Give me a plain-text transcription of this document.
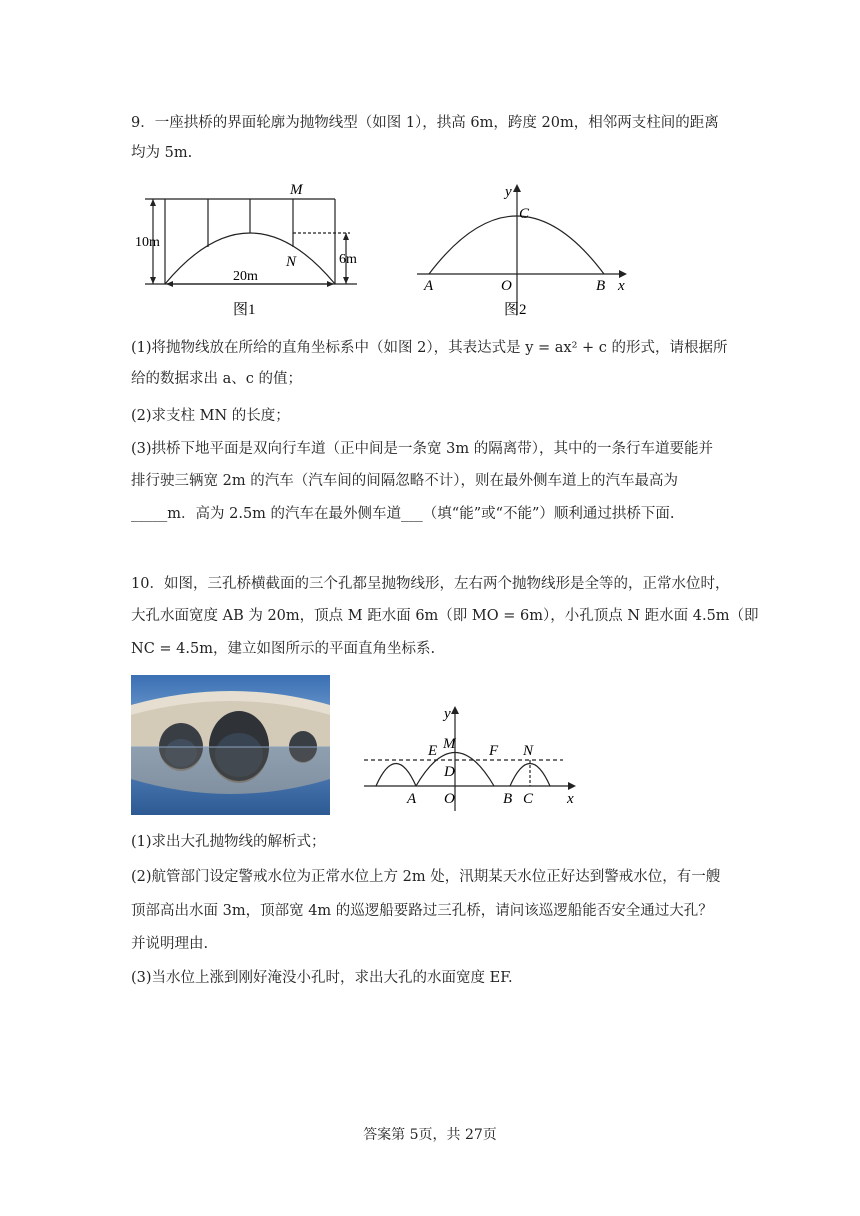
9．一座拱桥的界面轮廓为抛物线型（如图 1），拱高 6m，跨度 20m，相邻两支柱间的距离
均为 5m.
M
N
10m
6m
20m
图1
y
C
A	O	B x
图2
(1)将抛物线放在所给的直角坐标系中（如图 2），其表达式是 y = ax² + c 的形式，请根据所
给的数据求出 a、c 的值；
(2)求支柱 MN 的长度；
(3)拱桥下地平面是双向行车道（正中间是一条宽 3m 的隔离带），其中的一条行车道要能并
排行驶三辆宽 2m 的汽车（汽车间的间隔忽略不计），则在最外侧车道上的汽车最高为
_____m．高为 2.5m 的汽车在最外侧车道___（填“能”或“不能”）顺利通过拱桥下面.
10．如图，三孔桥横截面的三个孔都呈抛物线形，左右两个抛物线形是全等的，正常水位时，
大孔水面宽度 AB 为 20m，顶点 M 距水面 6m（即 MO = 6m），小孔顶点 N 距水面 4.5m（即
NC = 4.5m，建立如图所示的平面直角坐标系.
y
E M F N
D
A O	B C x
(1)求出大孔抛物线的解析式；
(2)航管部门设定警戒水位为正常水位上方 2m 处，汛期某天水位正好达到警戒水位，有一艘
顶部高出水面 3m，顶部宽 4m 的巡逻船要路过三孔桥，请问该巡逻船能否安全通过大孔？
并说明理由.
(3)当水位上涨到刚好淹没小孔时，求出大孔的水面宽度 EF.
答案第 5页，共 27页
